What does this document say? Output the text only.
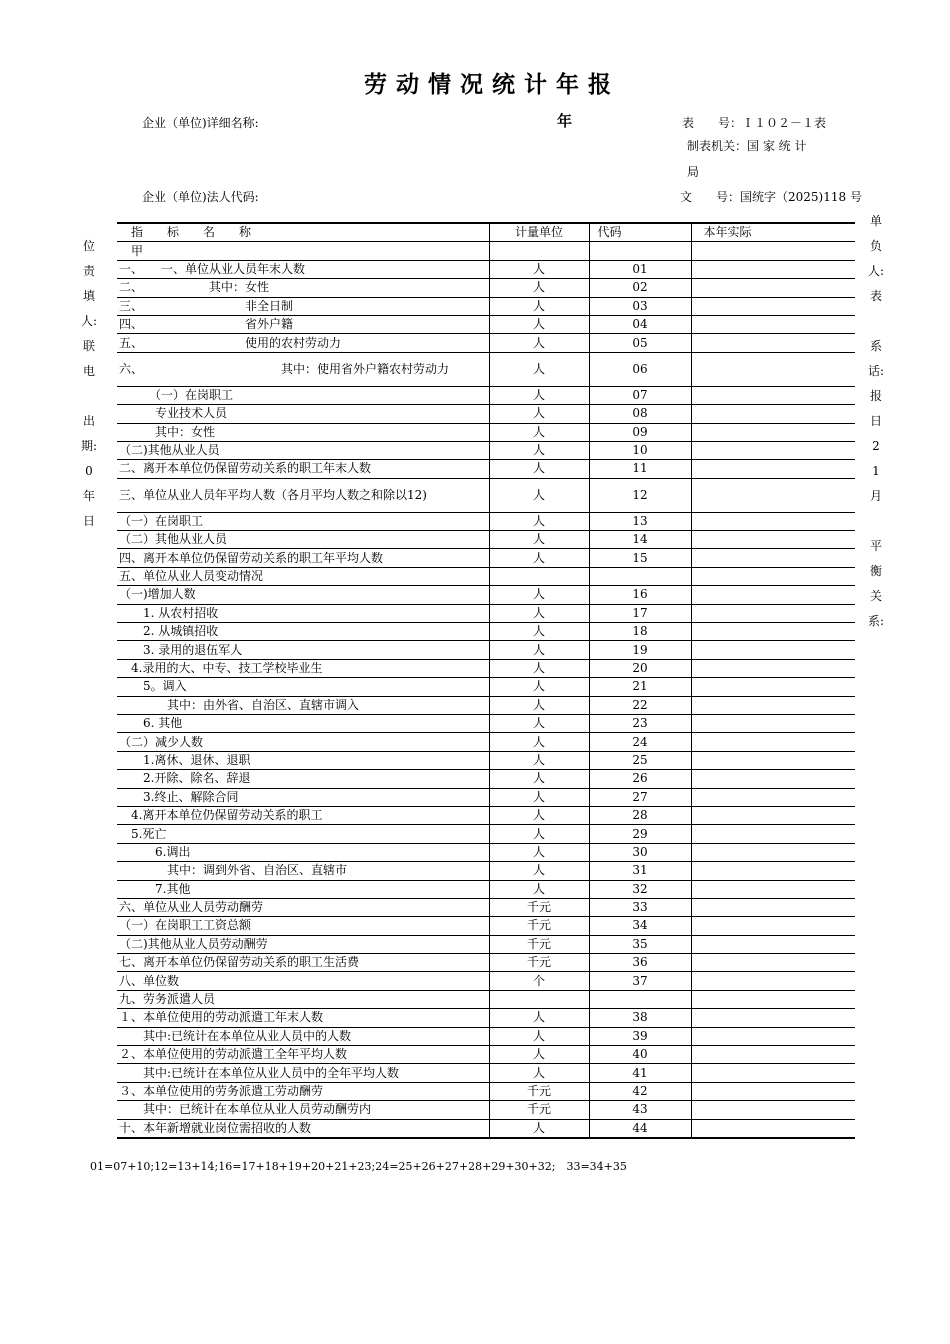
劳动情况统计年报
企业（单位)详细名称:	年	表　　号：Ｉ１０２－１表
制表机关：国 家 统 计
局
企业（单位)法人代码:	文　　号：国统字（2025)118 号
位
责
填
人:
联
电
出
期:
0
年
日
单
负
人:
表
系
话:
报
日
2
1
月
平
衡
关
系:
指　　标　　名　　称	计量单位	代码	本年实际
甲			
一、　　一、单位从业人员年末人数	人	01	
二、　　　　　　其中：女性	人	02	
三、　　　　　　　　　非全日制	人	03	
四、　　　　　　　　　省外户籍	人	04	
五、　　　　　　　　　使用的农村劳动力	人	05	
六、　　　　　　　　　　　　其中：使用省外户籍农村劳动力	人	06	
　　　（一）在岗职工	人	07	
　　　专业技术人员	人	08	
　　　其中：女性	人	09	
（二)其他从业人员	人	10	
二、离开本单位仍保留劳动关系的职工年末人数	人	11	
三、单位从业人员年平均人数（各月平均人数之和除以12)	人	12	
（一）在岗职工	人	13	
（二）其他从业人员	人	14	
四、离开本单位仍保留劳动关系的职工年平均人数	人	15	
五、单位从业人员变动情况			
（一)增加人数	人	16	
　　1. 从农村招收	人	17	
　　2. 从城镇招收	人	18	
　　3. 录用的退伍军人	人	19	
　4.录用的大、中专、技工学校毕业生	人	20	
　　5。调入	人	21	
　　　　其中：由外省、自治区、直辖市调入	人	22	
　　6. 其他	人	23	
（二）减少人数	人	24	
　　1.离休、退休、退职	人	25	
　　2.开除、除名、辞退	人	26	
　　3.终止、解除合同	人	27	
　4.离开本单位仍保留劳动关系的职工	人	28	
　5.死亡	人	29	
　　　6.调出	人	30	
　　　　其中：调到外省、自治区、直辖市	人	31	
　　　7.其他	人	32	
六、单位从业人员劳动酬劳	千元	33	
（一）在岗职工工资总额	千元	34	
（二)其他从业人员劳动酬劳	千元	35	
七、离开本单位仍保留劳动关系的职工生活费	千元	36	
八、单位数	个	37	
九、劳务派遣人员			
１、本单位使用的劳动派遣工年末人数	人	38	
　　其中:已统计在本单位从业人员中的人数	人	39	
２、本单位使用的劳动派遣工全年平均人数	人	40	
　　其中:已统计在本单位从业人员中的全年平均人数	人	41	
３、本单位使用的劳务派遣工劳动酬劳	千元	42	
　　其中：已统计在本单位从业人员劳动酬劳内	千元	43	
十、本年新增就业岗位需招收的人数	人	44	
01=07+10;12=13+14;16=17+18+19+20+21+23;24=25+26+27+28+29+30+32;　33=34+35
